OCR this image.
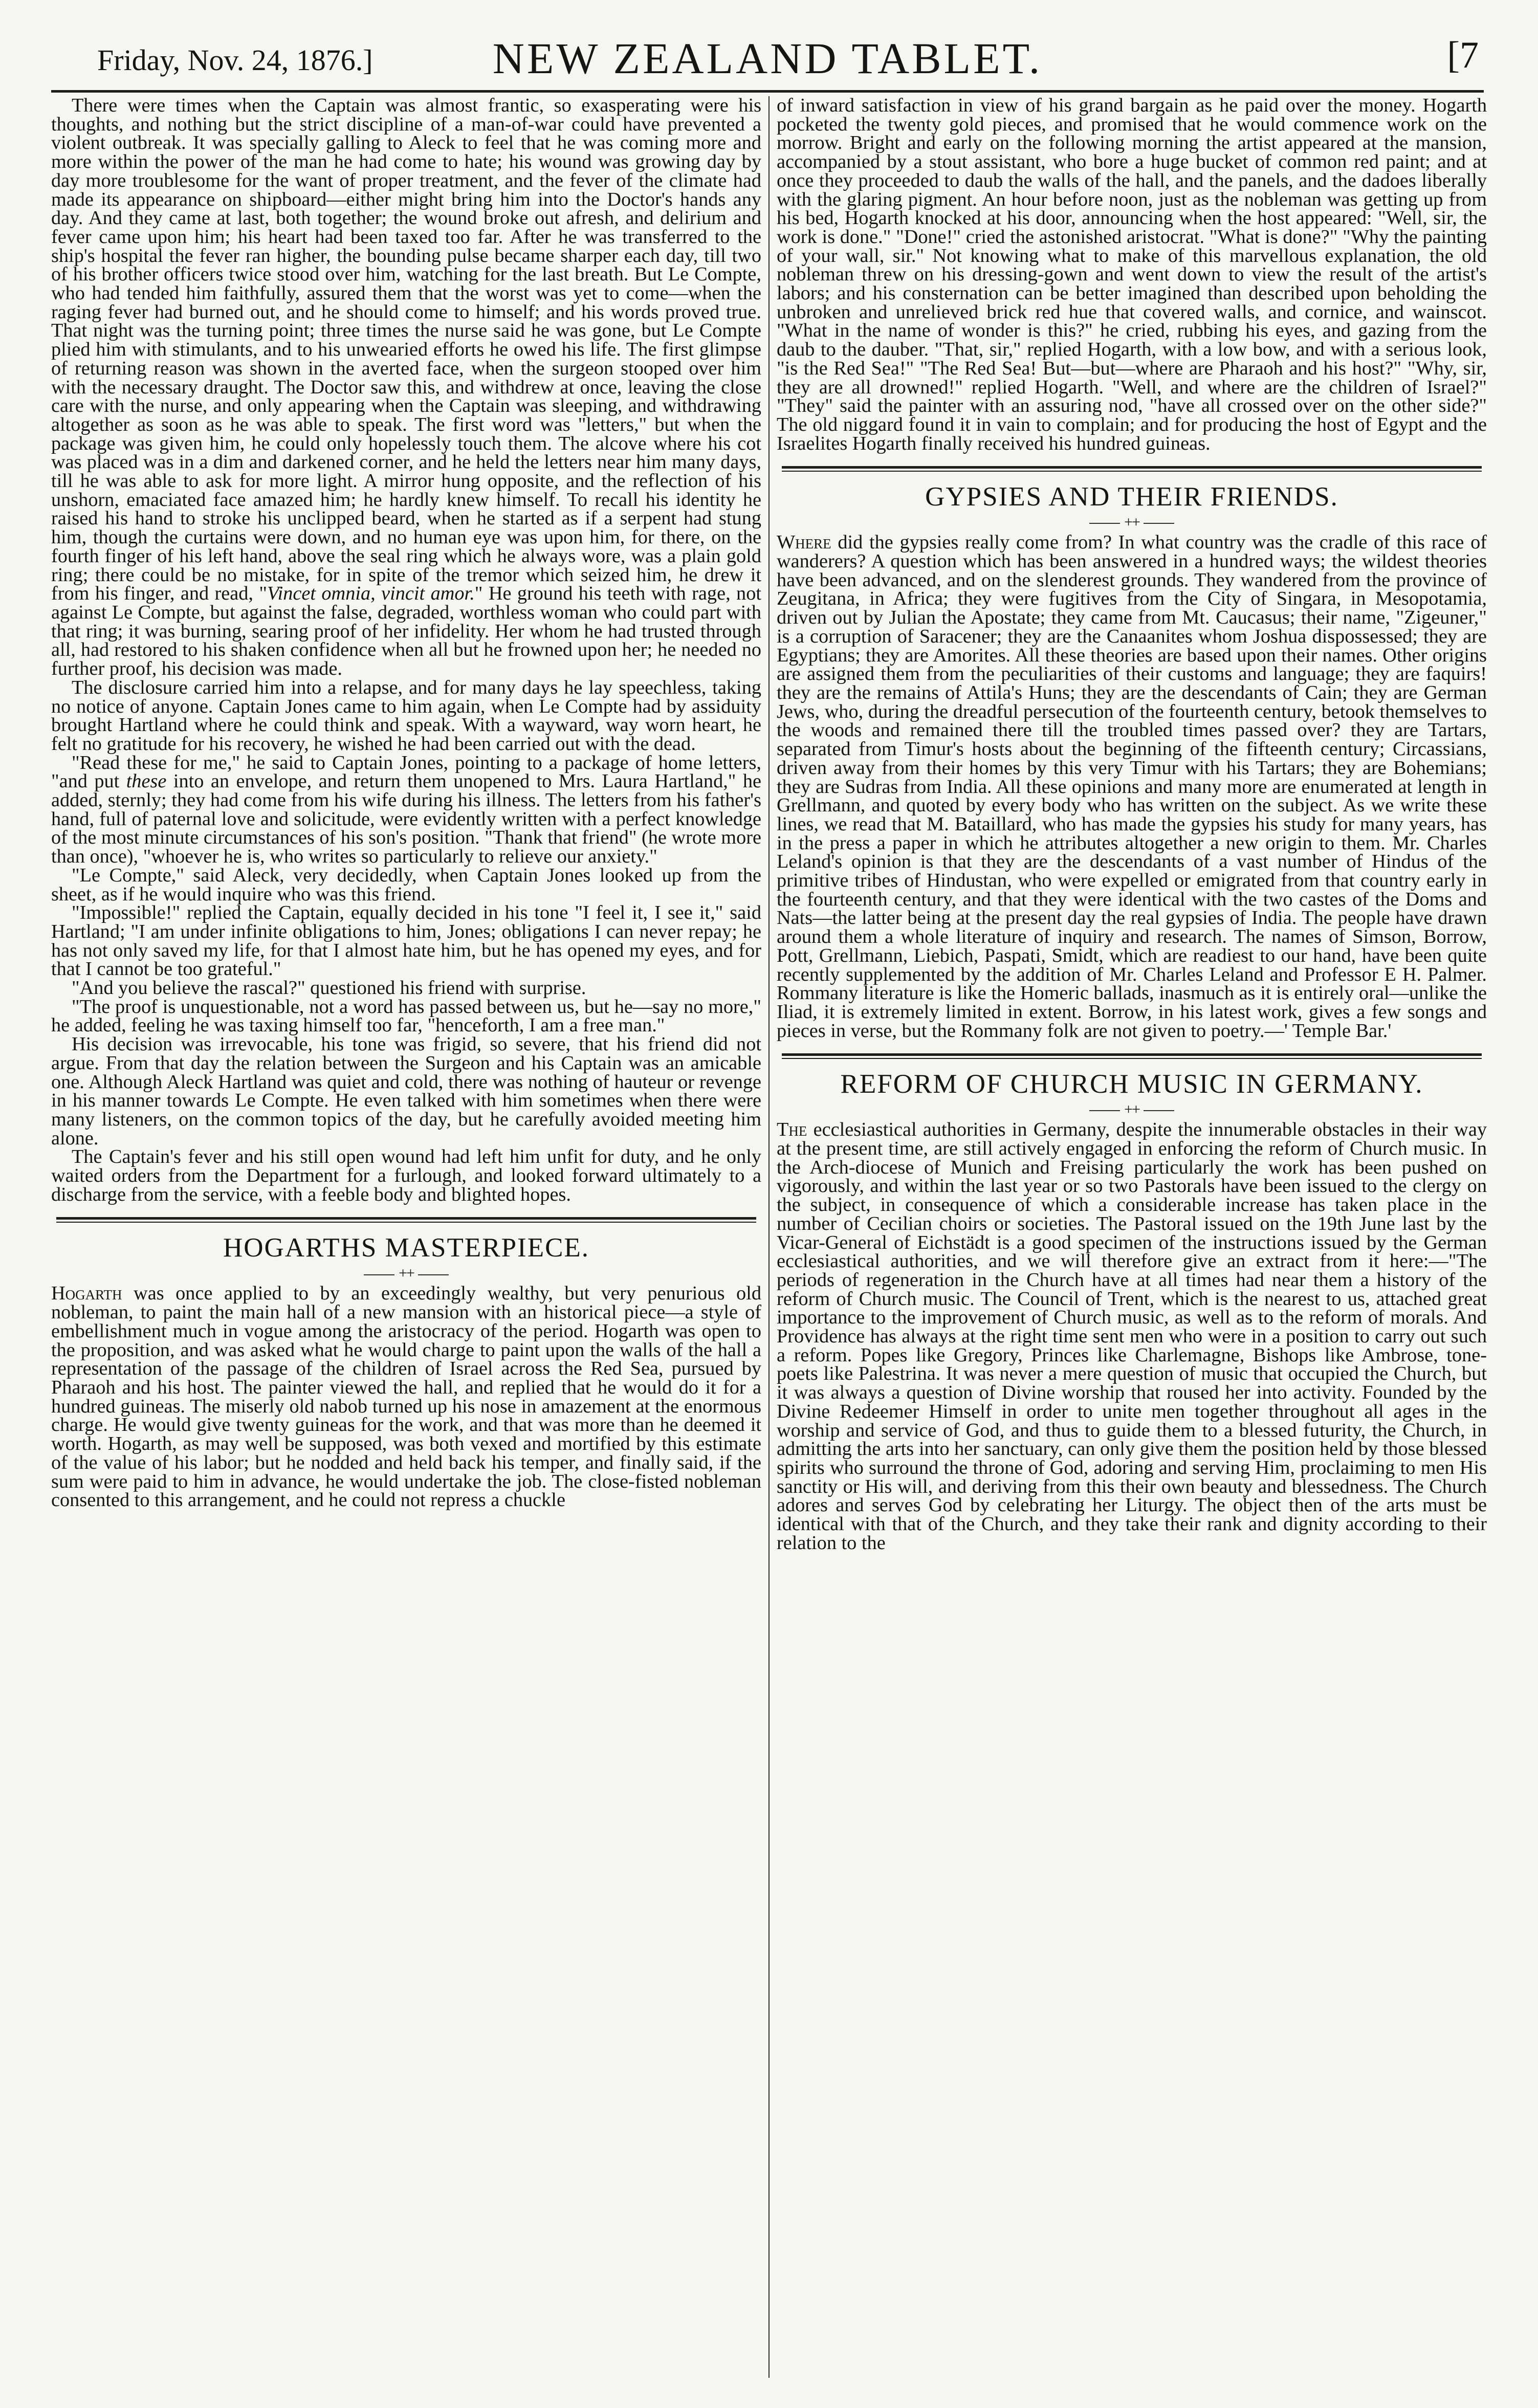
Friday, Nov. 24, 1876.]	NEW ZEALAND TABLET.	[7

There were times when the Captain was almost frantic, so exasperating were his thoughts, and nothing but the strict discipline of a man-of-war could have prevented a violent outbreak. It was specially galling to Aleck to feel that he was coming more and more within the power of the man he had come to hate; his wound was growing day by day more troublesome for the want of proper treatment, and the fever of the climate had made its appearance on shipboard—either might bring him into the Doctor's hands any day. And they came at last, both together; the wound broke out afresh, and delirium and fever came upon him; his heart had been taxed too far. After he was transferred to the ship's hospital the fever ran higher, the bounding pulse became sharper each day, till two of his brother officers twice stood over him, watching for the last breath. But Le Compte, who had tended him faithfully, assured them that the worst was yet to come—when the raging fever had burned out, and he should come to himself; and his words proved true. That night was the turning point; three times the nurse said he was gone, but Le Compte plied him with stimulants, and to his unwearied efforts he owed his life. The first glimpse of returning reason was shown in the averted face, when the surgeon stooped over him with the necessary draught. The Doctor saw this, and withdrew at once, leaving the close care with the nurse, and only appearing when the Captain was sleeping, and withdrawing altogether as soon as he was able to speak. The first word was "letters," but when the package was given him, he could only hopelessly touch them. The alcove where his cot was placed was in a dim and darkened corner, and he held the letters near him many days, till he was able to ask for more light. A mirror hung opposite, and the reflection of his unshorn, emaciated face amazed him; he hardly knew himself. To recall his identity he raised his hand to stroke his unclipped beard, when he started as if a serpent had stung him, though the curtains were down, and no human eye was upon him, for there, on the fourth finger of his left hand, above the seal ring which he always wore, was a plain gold ring; there could be no mistake, for in spite of the tremor which seized him, he drew it from his finger, and read, "Vincet omnia, vincit amor." He ground his teeth with rage, not against Le Compte, but against the false, degraded, worthless woman who could part with that ring; it was burning, searing proof of her infidelity. Her whom he had trusted through all, had restored to his shaken confidence when all but he frowned upon her; he needed no further proof, his decision was made.

The disclosure carried him into a relapse, and for many days he lay speechless, taking no notice of anyone. Captain Jones came to him again, when Le Compte had by assiduity brought Hartland where he could think and speak. With a wayward, way worn heart, he felt no gratitude for his recovery, he wished he had been carried out with the dead.

"Read these for me," he said to Captain Jones, pointing to a package of home letters, "and put these into an envelope, and return them unopened to Mrs. Laura Hartland," he added, sternly; they had come from his wife during his illness. The letters from his father's hand, full of paternal love and solicitude, were evidently written with a perfect knowledge of the most minute circumstances of his son's position. "Thank that friend" (he wrote more than once), "whoever he is, who writes so particularly to relieve our anxiety."

"Le Compte," said Aleck, very decidedly, when Captain Jones looked up from the sheet, as if he would inquire who was this friend.

"Impossible!" replied the Captain, equally decided in his tone "I feel it, I see it," said Hartland; "I am under infinite obligations to him, Jones; obligations I can never repay; he has not only saved my life, for that I almost hate him, but he has opened my eyes, and for that I cannot be too grateful."

"And you believe the rascal?" questioned his friend with surprise.

"The proof is unquestionable, not a word has passed between us, but he—say no more," he added, feeling he was taxing himself too far, "henceforth, I am a free man."

His decision was irrevocable, his tone was frigid, so severe, that his friend did not argue. From that day the relation between the Surgeon and his Captain was an amicable one. Although Aleck Hartland was quiet and cold, there was nothing of hauteur or revenge in his manner towards Le Compte. He even talked with him sometimes when there were many listeners, on the common topics of the day, but he carefully avoided meeting him alone.

The Captain's fever and his still open wound had left him unfit for duty, and he only waited orders from the Department for a furlough, and looked forward ultimately to a discharge from the service, with a feeble body and blighted hopes.

HOGARTHS MASTERPIECE.
++

Hogarth was once applied to by an exceedingly wealthy, but very penurious old nobleman, to paint the main hall of a new mansion with an historical piece—a style of embellishment much in vogue among the aristocracy of the period. Hogarth was open to the proposition, and was asked what he would charge to paint upon the walls of the hall a representation of the passage of the children of Israel across the Red Sea, pursued by Pharaoh and his host. The painter viewed the hall, and replied that he would do it for a hundred guineas. The miserly old nabob turned up his nose in amazement at the enormous charge. He would give twenty guineas for the work, and that was more than he deemed it worth. Hogarth, as may well be supposed, was both vexed and mortified by this estimate of the value of his labor; but he nodded and held back his temper, and finally said, if the sum were paid to him in advance, he would undertake the job. The close-fisted nobleman consented to this arrangement, and he could not repress a chuckle

of inward satisfaction in view of his grand bargain as he paid over the money. Hogarth pocketed the twenty gold pieces, and promised that he would commence work on the morrow. Bright and early on the following morning the artist appeared at the mansion, accompanied by a stout assistant, who bore a huge bucket of common red paint; and at once they proceeded to daub the walls of the hall, and the panels, and the dadoes liberally with the glaring pigment. An hour before noon, just as the nobleman was getting up from his bed, Hogarth knocked at his door, announcing when the host appeared: "Well, sir, the work is done." "Done!" cried the astonished aristocrat. "What is done?" "Why the painting of your wall, sir." Not knowing what to make of this marvellous explanation, the old nobleman threw on his dressing-gown and went down to view the result of the artist's labors; and his consternation can be better imagined than described upon beholding the unbroken and unrelieved brick red hue that covered walls, and cornice, and wainscot. "What in the name of wonder is this?" he cried, rubbing his eyes, and gazing from the daub to the dauber. "That, sir," replied Hogarth, with a low bow, and with a serious look, "is the Red Sea!" "The Red Sea! But—but—where are Pharaoh and his host?" "Why, sir, they are all drowned!" replied Hogarth. "Well, and where are the children of Israel?" "They" said the painter with an assuring nod, "have all crossed over on the other side?" The old niggard found it in vain to complain; and for producing the host of Egypt and the Israelites Hogarth finally received his hundred guineas.

GYPSIES AND THEIR FRIENDS.
++

Where did the gypsies really come from? In what country was the cradle of this race of wanderers? A question which has been answered in a hundred ways; the wildest theories have been advanced, and on the slenderest grounds. They wandered from the province of Zeugitana, in Africa; they were fugitives from the City of Singara, in Mesopotamia, driven out by Julian the Apostate; they came from Mt. Caucasus; their name, "Zigeuner," is a corruption of Saracener; they are the Canaanites whom Joshua dispossessed; they are Egyptians; they are Amorites. All these theories are based upon their names. Other origins are assigned them from the peculiarities of their customs and language; they are faquirs! they are the remains of Attila's Huns; they are the descendants of Cain; they are German Jews, who, during the dreadful persecution of the fourteenth century, betook themselves to the woods and remained there till the troubled times passed over? they are Tartars, separated from Timur's hosts about the beginning of the fifteenth century; Circassians, driven away from their homes by this very Timur with his Tartars; they are Bohemians; they are Sudras from India. All these opinions and many more are enumerated at length in Grellmann, and quoted by every body who has written on the subject. As we write these lines, we read that M. Bataillard, who has made the gypsies his study for many years, has in the press a paper in which he attributes altogether a new origin to them. Mr. Charles Leland's opinion is that they are the descendants of a vast number of Hindus of the primitive tribes of Hindustan, who were expelled or emigrated from that country early in the fourteenth century, and that they were identical with the two castes of the Doms and Nats—the latter being at the present day the real gypsies of India. The people have drawn around them a whole literature of inquiry and research. The names of Simson, Borrow, Pott, Grellmann, Liebich, Paspati, Smidt, which are readiest to our hand, have been quite recently supplemented by the addition of Mr. Charles Leland and Professor E H. Palmer. Rommany literature is like the Homeric ballads, inasmuch as it is entirely oral—unlike the Iliad, it is extremely limited in extent. Borrow, in his latest work, gives a few songs and pieces in verse, but the Rommany folk are not given to poetry.—' Temple Bar.'

REFORM OF CHURCH MUSIC IN GERMANY.
++

The ecclesiastical authorities in Germany, despite the innumerable obstacles in their way at the present time, are still actively engaged in enforcing the reform of Church music. In the Arch-diocese of Munich and Freising particularly the work has been pushed on vigorously, and within the last year or so two Pastorals have been issued to the clergy on the subject, in consequence of which a considerable increase has taken place in the number of Cecilian choirs or societies. The Pastoral issued on the 19th June last by the Vicar-General of Eichstädt is a good specimen of the instructions issued by the German ecclesiastical authorities, and we will therefore give an extract from it here:—"The periods of regeneration in the Church have at all times had near them a history of the reform of Church music. The Council of Trent, which is the nearest to us, attached great importance to the improvement of Church music, as well as to the reform of morals. And Providence has always at the right time sent men who were in a position to carry out such a reform. Popes like Gregory, Princes like Charlemagne, Bishops like Ambrose, tone-poets like Palestrina. It was never a mere question of music that occupied the Church, but it was always a question of Divine worship that roused her into activity. Founded by the Divine Redeemer Himself in order to unite men together throughout all ages in the worship and service of God, and thus to guide them to a blessed futurity, the Church, in admitting the arts into her sanctuary, can only give them the position held by those blessed spirits who surround the throne of God, adoring and serving Him, proclaiming to men His sanctity or His will, and deriving from this their own beauty and blessedness. The Church adores and serves God by celebrating her Liturgy. The object then of the arts must be identical with that of the Church, and they take their rank and dignity according to their relation to the
